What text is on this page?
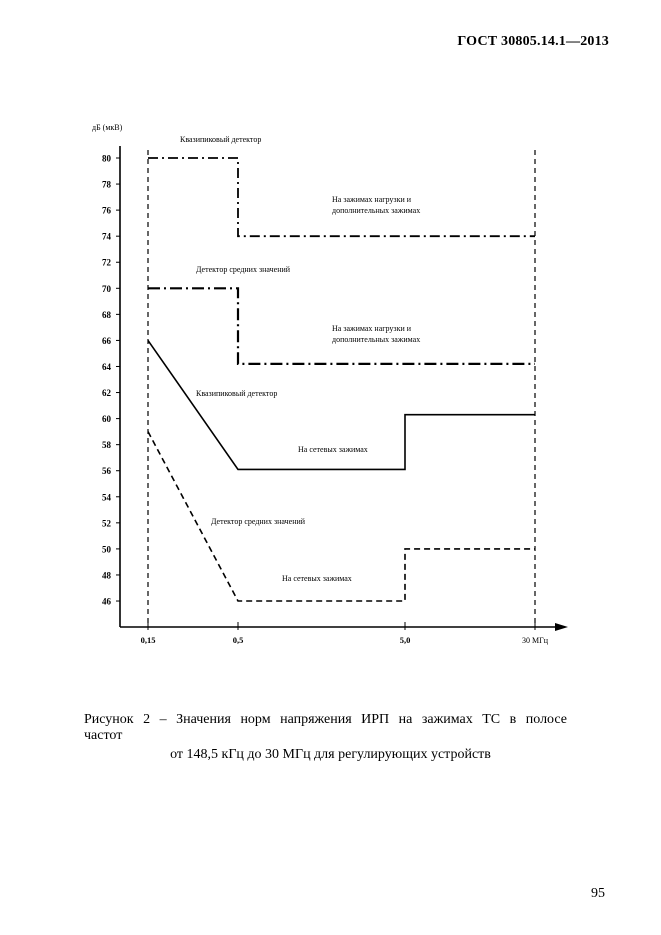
ГОСТ 30805.14.1—2013
дБ (мкВ)
46
48
50
52
54
56
58
60
62
64
66
68
70
72
74
76
78
80
0,15	0,5	5,0	30 МГц
Квазипиковый детектор
На зажимах нагрузки и
дополнительных зажимах
Детектор средних значений
На зажимах нагрузки и
дополнительных зажимах
Квазипиковый детектор
На сетевых зажимах
Детектор средних значений
На сетевых зажимах
Рисунок 2 – Значения норм напряжения ИРП на зажимах ТС в полосе частот
от 148,5 кГц до 30 МГц для регулирующих устройств
95
